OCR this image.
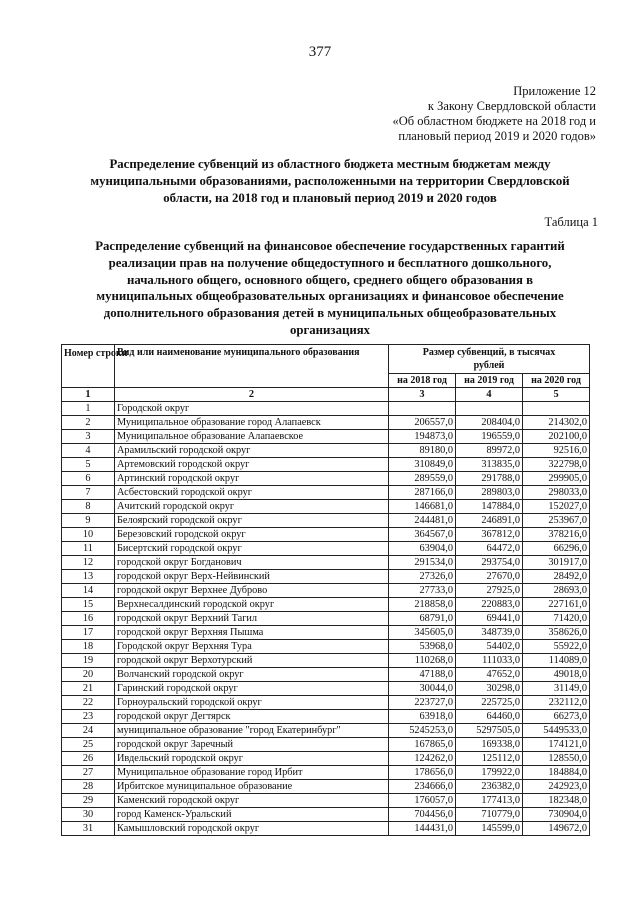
377
Приложение 12
к Закону Свердловской области
«Об областном бюджете на 2018 год и
плановый период 2019 и 2020 годов»
Распределение субвенций из областного бюджета местным бюджетам между муниципальными образованиями, расположенными на территории Свердловской области, на 2018 год и плановый период 2019 и 2020 годов
Таблица 1
Распределение субвенций на финансовое обеспечение государственных гарантий реализации прав на получение общедоступного и бесплатного дошкольного, начального общего, основного общего, среднего общего образования в муниципальных общеобразовательных организациях и финансовое обеспечение дополнительного образования детей в муниципальных общеобразовательных организациях
Номер строки	Вид или наименование муниципального образования	Размер субвенций, в тысячах рублей		
		на 2018 год	на 2019 год	на 2020 год
1	2	3	4	5
1	Городской округ			
2	Муниципальное образование город Алапаевск	206557,0	208404,0	214302,0
3	Муниципальное образование Алапаевское	194873,0	196559,0	202100,0
4	Арамильский городской округ	89180,0	89972,0	92516,0
5	Артемовский городской округ	310849,0	313835,0	322798,0
6	Артинский городской округ	289559,0	291788,0	299905,0
7	Асбестовский городской округ	287166,0	289803,0	298033,0
8	Ачитский городской округ	146681,0	147884,0	152027,0
9	Белоярский городской округ	244481,0	246891,0	253967,0
10	Березовский городской округ	364567,0	367812,0	378216,0
11	Бисертский городской округ	63904,0	64472,0	66296,0
12	городской округ Богданович	291534,0	293754,0	301917,0
13	городской округ Верх-Нейвинский	27326,0	27670,0	28492,0
14	городской округ Верхнее Дуброво	27733,0	27925,0	28693,0
15	Верхнесалдинский городской округ	218858,0	220883,0	227161,0
16	городской округ Верхний Тагил	68791,0	69441,0	71420,0
17	городской округ Верхняя Пышма	345605,0	348739,0	358626,0
18	Городской округ Верхняя Тура	53968,0	54402,0	55922,0
19	городской округ Верхотурский	110268,0	111033,0	114089,0
20	Волчанский городской округ	47188,0	47652,0	49018,0
21	Гаринский городской округ	30044,0	30298,0	31149,0
22	Горноуральский городской округ	223727,0	225725,0	232112,0
23	городской округ Дегтярск	63918,0	64460,0	66273,0
24	муниципальное образование "город Екатеринбург"	5245253,0	5297505,0	5449533,0
25	городской округ Заречный	167865,0	169338,0	174121,0
26	Ивдельский городской округ	124262,0	125112,0	128550,0
27	Муниципальное образование город Ирбит	178656,0	179922,0	184884,0
28	Ирбитское муниципальное образование	234666,0	236382,0	242923,0
29	Каменский городской округ	176057,0	177413,0	182348,0
30	город Каменск-Уральский	704456,0	710779,0	730904,0
31	Камышловский городской округ	144431,0	145599,0	149672,0
